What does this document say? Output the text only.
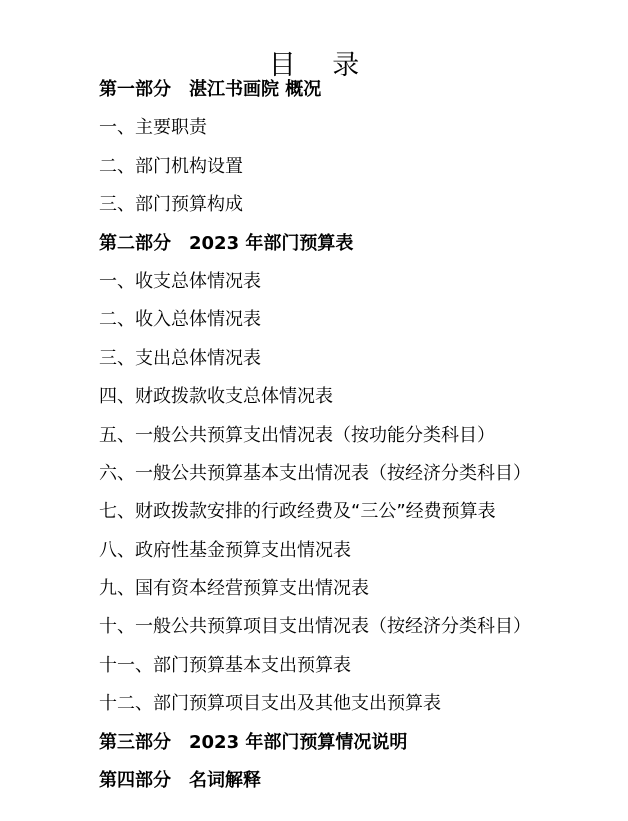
目 录
第一部分 湛江书画院 概况
一、主要职责
二、部门机构设置
三、部门预算构成
第二部分 2023 年部门预算表
一、收支总体情况表
二、收入总体情况表
三、支出总体情况表
四、财政拨款收支总体情况表
五、一般公共预算支出情况表（按功能分类科目）
六、一般公共预算基本支出情况表（按经济分类科目）
七、财政拨款安排的行政经费及“三公”经费预算表
八、政府性基金预算支出情况表
九、国有资本经营预算支出情况表
十、一般公共预算项目支出情况表（按经济分类科目）
十一、部门预算基本支出预算表
十二、部门预算项目支出及其他支出预算表
第三部分 2023 年部门预算情况说明
第四部分 名词解释
